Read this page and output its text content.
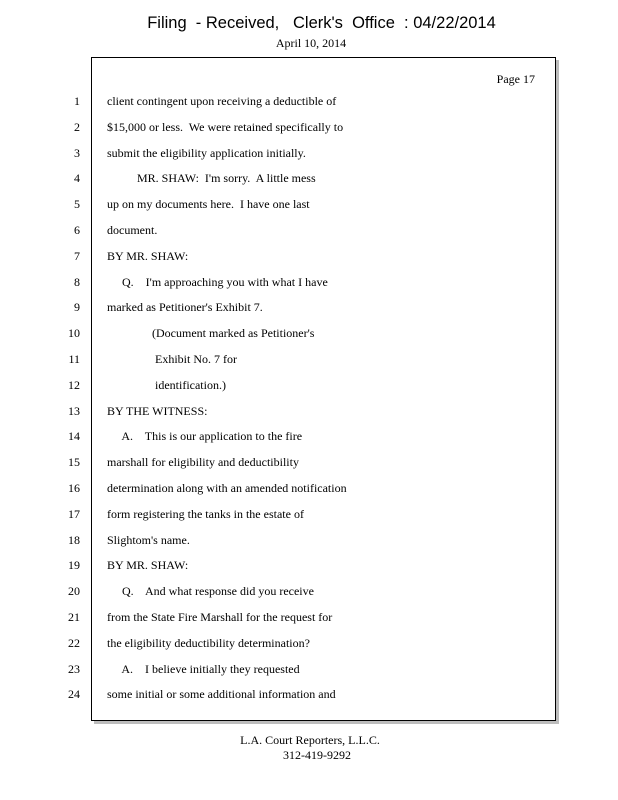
Filing  - Received,   Clerk's  Office  : 04/22/2014
April 10, 2014
Page 17
1 client contingent upon receiving a deductible of
2 $15,000 or less.  We were retained specifically to
3 submit the eligibility application initially.
4 MR. SHAW:  I'm sorry.  A little mess
5 up on my documents here.  I have one last
6 document.
7 BY MR. SHAW:
8 Q.    I'm approaching you with what I have
9 marked as Petitioner's Exhibit 7.
10 (Document marked as Petitioner's
11 Exhibit No. 7 for
12 identification.)
13 BY THE WITNESS:
14 A.    This is our application to the fire
15 marshall for eligibility and deductibility
16 determination along with an amended notification
17 form registering the tanks in the estate of
18 Slightom's name.
19 BY MR. SHAW:
20 Q.    And what response did you receive
21 from the State Fire Marshall for the request for
22 the eligibility deductibility determination?
23 A.    I believe initially they requested
24 some initial or some additional information and
L.A. Court Reporters, L.L.C.
312-419-9292
